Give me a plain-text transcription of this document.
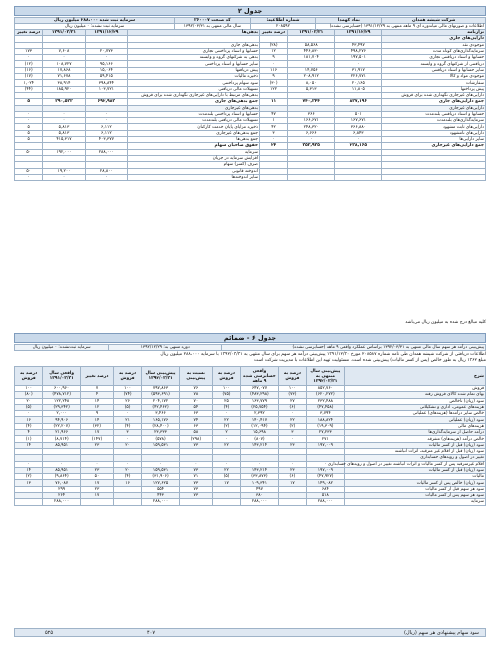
جدول ۲
شرکت شیشه همدان	نماد کهمدا	شماره اطلاعیه:	کد صنعت ۳۶۰۰۰۷	سرمایه ثبت شده ۲۸۸،۰۰۰ میلیون ریال
اطلاعات و صورتهای مالی میاندوره ای ۹ ماهه منتهی به ۱۳۹۱/۱۲/۲۹ (حسابرسی نشده)		۲۰۸۵۹۲	سال مالی منتهی به ۱۳۹۲/۰۳/۳۱	سرمایه ثبت نشده: ۰ میلیون ریال
ترازنامه	۱۳۹۱/۱۲/۲۹	۱۳۹۱/۰۳/۳۱	درصد تغییر	بدهی‌ها	۱۳۹۱/۱۲/۲۹	۱۳۹۱/۰۳/۳۱	درصد تغییر
دارایی‌های جاری							
موجودی نقد	۴۳,۴۹۷	۵۸,۵۶۸	(۲۸)	بدهی‌های جاری			
سرمایه‌گذاری‌های کوتاه مدت	۴۹۸,۲۷۶	۴۴۶,۸۳۰	۱۲	حسابها و اسناد پرداختنی تجاری	۲۰,۷۷۳	۷,۶۰۸	۱۷۳
حسابها و اسناد دریافتنی تجاری	۱۹۷,۵۰۱	۱۸۱,۷۰۴	۹	بدهی به شرکتهای گروه و وابسته	۰	۰	۰
دریافتنی از شرکتهای گروه و وابسته	۰	۰	۰	سایر حسابها و اسناد پرداختنی	۹۵,۱۶۶	۱۰۸,۷۲۷	(۱۲)
سایر حسابها و اسناد دریافتنی	۳۱,۹۱۷	۱۴,۷۵۶	۱۱۶	پیش دریافتها	۱۵,۰۶۴	۱۷,۸۶۸	(۱۶)
موجودی مواد و کالا	۲۲۶,۷۷۱	۲۰۸,۹۱۲	۹	ذخیره مالیات	۵۹,۴۱۵	۷۱,۶۷۸	(۱۷)
سفارشات	۲۰,۱۶۵	۸,۰۵۰	(۳۰)	سود سهام پرداختنی	۳۹۸,۸۴۴	۳۸,۹۱۴	۱,۰۲۴
پیش پرداختها	۱۱,۸۰۵	۵,۳۱۳	۱۲۲	تسهیلات مالی دریافتی	۱۰۳,۷۲۱	۱۸۵,۹۲۰	(۴۴)
دارایی‌های غیرجاری نگهداری شده برای فروش				بدهی‌های مرتبط با دارایی‌های غیرجاری نگهداری شده برای فروش			
جمع دارایی‌های جاری	۸۳۷,۱۹۶	۷۴۰,۳۴۴	۱۱	جمع بدهی‌های جاری	۶۹۲,۹۸۳	۳۹۰,۵۳۳	۵
دارایی‌های غیرجاری				بدهی‌های غیرجاری			
حسابها و اسناد دریافتنی بلندمدت	۵۰۱	۳۶۶	۴۷	حسابها و اسناد پرداختنی بلندمدت	۰	۰	۰
سرمایه‌گذاری‌های بلندمدت	۱۶۷,۶۷۱	۱۶۶,۶۷۱	۱	تسهیلات مالی دریافتی بلندمدت	۰	۰	۰
دارایی‌های ثابت مشهود	۳۶۶,۸۸۰	۲۴۸,۳۲۰	۴۲	ذخیره مزایای پایان خدمت کارکنان	۶,۱۱۲	۵,۸۱۳	۵
دارایی‌های نامشهود	۶,۸۴۳	۶,۶۶۶	۳	جمع بدهی‌های غیرجاری	۶,۱۱۲	۵,۸۱۳	۵
سایر دارایی‌ها	۰	۰	۰	جمع بدهی‌ها	۴۰۳,۳۷۷	۴۱۵,۳۱۷	۵
جمع دارایی‌های غیرجاری	۲۳۸,۱۶۵	۳۵۳,۹۳۵	۲۴	حقوق صاحبان سهام			
				سرمایه	۲۸۸,۰۰۰	۱۹۲,۰۰۰	۵۰
				افزایش سرمایه در جریان			
				صرف (کسر) سهام			
				اندوخته قانونی	۲۸,۸۰۰	۱۹,۲۰۰	۵۰
				سایر اندوخته‌ها	۰	۰	۰
کلیه مبالغ درج شده به میلیون ریال می‌باشد
جدول ۶ - ضمائم
پیش‌بینی درآمد هر سهم سال مالی منتهی به ۱۳۹۲/۰۳/۳۱ براساس عملکرد واقعی ۹ ماهه (حسابرسی نشده)	دوره منتهی به: ۱۳۹۲/۱۲/۲۹	سرمایه ثبت‌نشده: ۰ میلیون ریال
اطلاعات دریافتی از شرکت شیشه همدان طی نامه شماره ۲۰۸۵۸۷ مورخ ۱۳۹۱/۱۲/۳۰ پیش‌بینی درآمد هر سهم برای سال منتهی به ۱۳۹۲/۰۳/۳۱ با سرمایه ۲۸۸،۰۰۰ میلیون ریال
مبلغ ۱۳۶۲ ریال به طور خالص (پس از کسر مالیات) پیش‌بینی شده است. مسئولیت تهیه این اطلاعات با مدیریت شرکت است
شرح	پیش‌بینی سال منتهی به ۱۳۹۲/۰۳/۳۱	درصد به فروش	واقعی حسابرسی شده ۹ ماهه	درصد به فروش	نسبت به پیش‌بینی	پیش‌بینی سال ۱۳۹۲/۰۳/۳۱	درصد به فروش	درصد تغییر	واقعی سال ۱۳۹۱/۰۳/۳۱	درصد به فروش
فروش	۸۵۲,۷۶۰	۱۰۰	۶۴۷,۰۷۷	۱۰۰	۷۶	۷۹۷,۸۶۳	۱۰۰	۷	۶۰۰,۹۶۰	۱۰۰
بهای تمام شده کالای فروش رفته	(۶۲۰,۲۷۲)	(۷۳)	(۴۸۳,۲۹۸)	(۷۵)	۷۸	(۵۹۳,۶۹۱)	(۷۴)	۴	(۴۷۸,۷۱۲)	(۸۰)
سود (زیان) ناخالص	۲۳۲,۴۸۸	۲۷	۱۶۳,۷۷۹	۲۵	۷۰	۲۰۴,۱۷۲	۲۶	۱۴	۱۲۲,۲۴۸	۲۰
هزینه‌های عمومی، اداری و تشکیلاتی	(۴۷,۴۵۸)	(۶)	(۲۵,۷۵۴)	(۴)	۵۴	(۴۲,۴۶۲)	(۵)	۱۲	(۲۹,۳۴۲)	(۵)
خالص سایر درآمدها (هزینه‌های) عملیاتی	۳,۷۹۴	۰	۲,۳۹۲	۰	۶۳	۳,۴۶۶	۰	۹	۲,۰۰۰	۰
سود (زیان) عملیاتی	۱۸۸,۸۲۴	۲۲	۱۴۰,۴۱۷	۲۲	۷۴	۱۶۵,۱۷۶	۲۱	۱۴	۹۴,۹۰۶	۱۶
هزینه‌های مالی	(۱۹,۳۰۹)	(۲)	(۱۲,۰۹۴)	(۲)	۶۳	(۲۸,۴۰۰)	(۴)	(۳۲)	(۲۲,۲۰۷)	(۴)
درآمد حاصل از سرمایه‌گذاری‌ها	۲۷,۲۳۳	۳	۱۵,۶۹۸	۲	۵۸	۲۳,۳۳۳	۳	۱۷	۲۱,۹۶۶	۴
خالص درآمد (هزینه‌های) متفرقه	۲۷۱	۰	(۸۰۷)	۰	(۲۹۸)	(۵۷۸)	۰	(۱۴۷)	(۸,۷۱۴)	(۱)
سود (زیان) قبل از کسر مالیات	۱۹۷,۰۰۹	۲۳	۱۴۳,۲۱۴	۲۲	۷۳	۱۵۹,۵۳۱	۲۰	۲۳	۸۵,۹۵۱	۱۴
سود (زیان) قبل از اقلام غیر مترقبه، اثرات انباشته										
تغییر در اصول و رویه‌های حسابداری										
اقلام غیرمترقبه پس از کسر مالیات و اثرات انباشته تغییر در اصول و رویه‌های حسابداری	۰	۰	۰	۰	۰	۰	۰	۰	۰	۰
سود (زیان) قبل از کسر مالیات	۱۹۷,۰۰۹	۲۳	۱۴۳,۲۱۴	۲۲	۷۳	۱۵۹,۵۳۱	۲۰	۲۳	۸۵,۹۵۱	۱۴
مالیات	(۴۷,۹۲۷)	(۶)	(۳۳,۸۷۳)	(۵)	۷۱	(۳۱,۹۰۶)	(۴)	۵۰	(۹,۸۶۴)	(۲)
سود (زیان) خالص پس از کسر مالیات	۱۴۹,۰۸۲	۱۷	۱۰۹,۳۴۱	۱۷	۷۳	۱۲۷,۶۲۵	۱۶	۱۷	۷۶,۰۸۷	۱۳
سود هر سهم قبل از کسر مالیات	۶۸۴		۴۹۷		۷۳	۵۵۴		۲۳	۲۹۹	
سود هر سهم پس از کسر مالیات	۵۱۸		۳۸۰		۷۳	۴۴۳		۱۷	۲۶۴	
سرمایه	۲۸۸,۰۰۰		۲۸۸,۰۰۰			۲۸۸,۰۰۰			۲۸۸,۰۰۰	
سود سهام پیشنهادی هر سهم (ریال)
۴۰۷
۵۲۵
